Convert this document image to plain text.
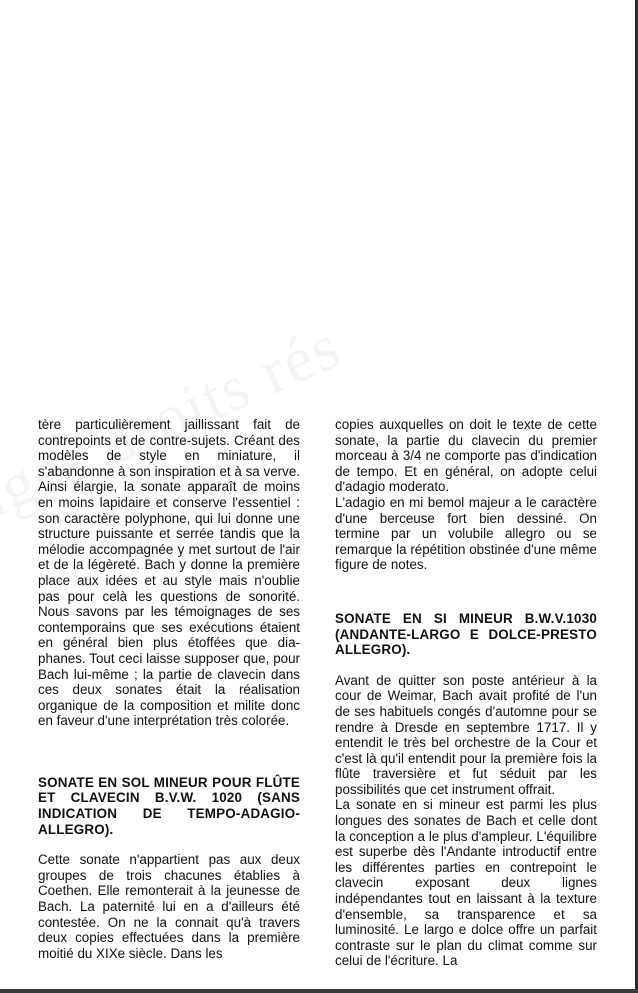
tère particulièrement jaillissant fait de contrepoints et de contre-sujets. Créant des modèles de style en miniature, il s'abandonne à son inspiration et à sa verve. Ainsi élargie, la sonate apparaît de moins en moins lapidaire et conserve l'essentiel : son caractère polyphone, qui lui donne une structure puissante et serrée tandis que la mélodie accompagnée y met surtout de l'air et de la légèreté. Bach y donne la première place aux idées et au style mais n'oublie pas pour celà les questions de sonorité. Nous savons par les témoignages de ses contemporains que ses exécutions étaient en général bien plus étoffées que diaphanes. Tout ceci laisse supposer que, pour Bach lui-même ; la partie de clavecin dans ces deux sonates était la réalisation organique de la composition et milite donc en faveur d'une interprétation très colorée.

SONATE EN SOL MINEUR POUR FLÛTE ET CLAVECIN B.V.W. 1020 (SANS INDICATION DE TEMPO-ADAGIO-ALLEGRO).

Cette sonate n'appartient pas aux deux groupes de trois chacunes établies à Coethen. Elle remonterait à la jeunesse de Bach. La paternité lui en a d'ailleurs été contestée. On ne la connait qu'à travers deux copies effectuées dans la première moitié du XIXe siècle. Dans les

copies auxquelles on doit le texte de cette sonate, la partie du clavecin du premier morceau à 3/4 ne comporte pas d'indication de tempo. Et en général, on adopte celui d'adagio moderato.

L'adagio en mi bemol majeur a le caractère d'une berceuse fort bien dessiné. On termine par un volubile allegro ou se remarque la répétition obstinée d'une même figure de notes.

SONATE EN SI MINEUR B.W.V.1030 (ANDANTE-LARGO E DOLCE-PRESTO ALLEGRO).

Avant de quitter son poste antérieur à la cour de Weimar, Bach avait profité de l'un de ses habituels congés d'automne pour se rendre à Dresde en septembre 1717. Il y entendit le très bel orchestre de la Cour et c'est là qu'il entendit pour la première fois la flûte traversière et fut séduit par les possibilités que cet instrument offrait.

La sonate en si mineur est parmi les plus longues des sonates de Bach et celle dont la conception a le plus d'ampleur. L'équilibre est superbe dès l'Andante introductif entre les différentes parties en contrepoint le clavecin exposant deux lignes indépendantes tout en laissant à la texture d'ensemble, sa transparence et sa luminosité. Le largo e dolce offre un parfait contraste sur le plan du climat comme sur celui de l'écriture. La
